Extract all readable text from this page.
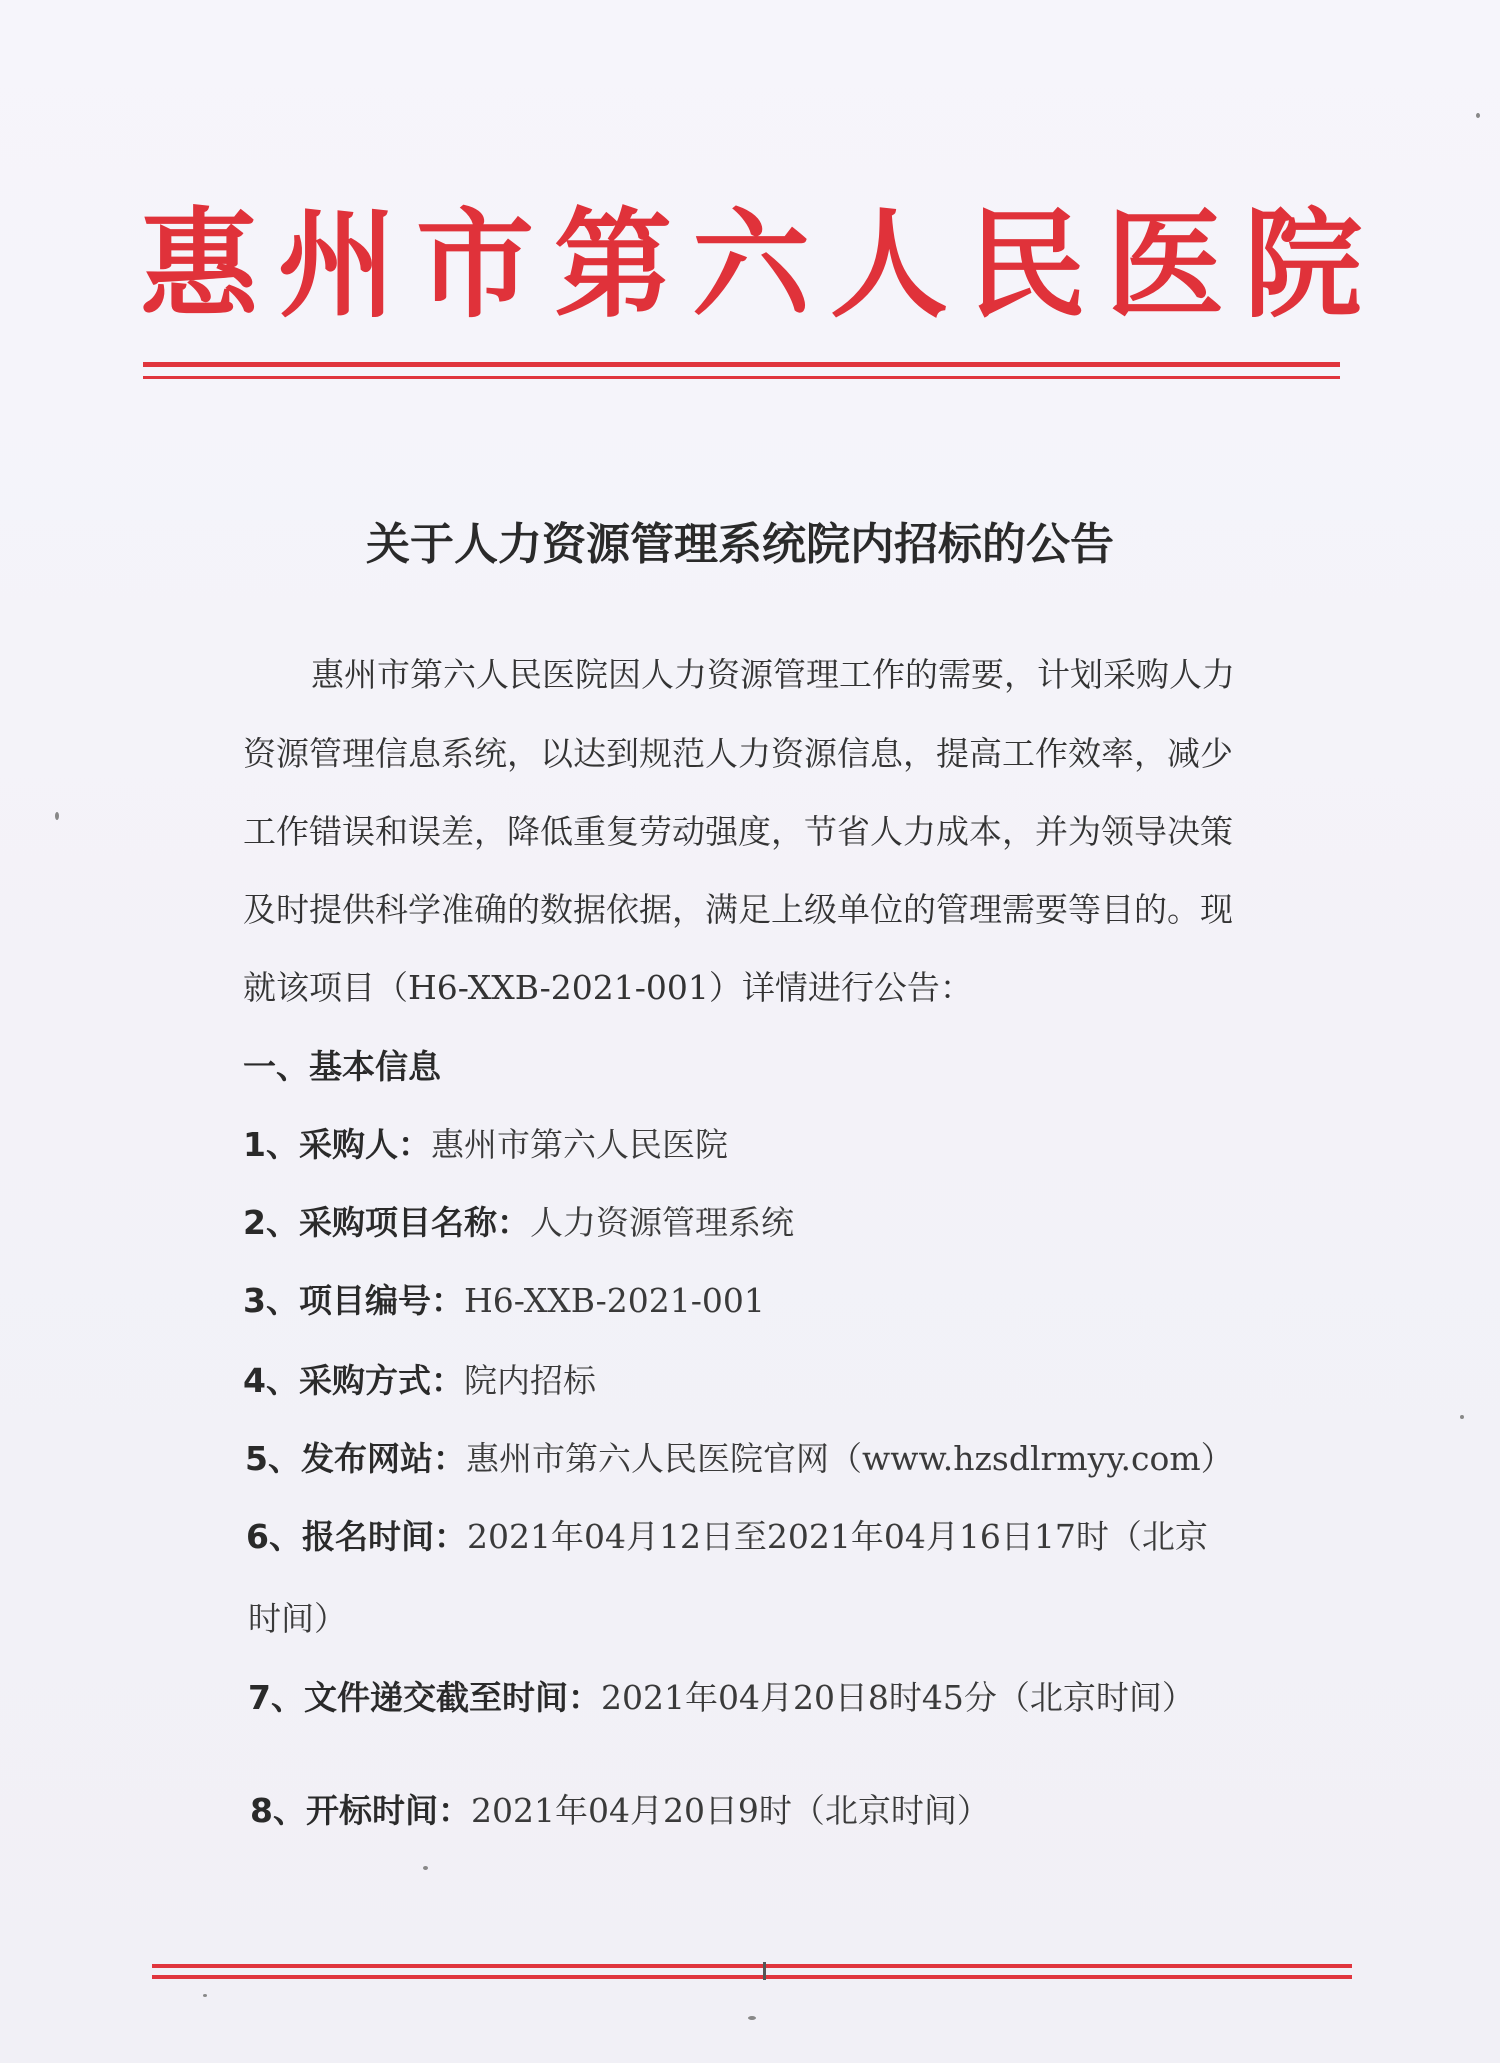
惠州市第六人民医院
关于人力资源管理系统院内招标的公告
惠州市第六人民医院因人力资源管理工作的需要，计划采购人力
资源管理信息系统，以达到规范人力资源信息，提高工作效率，减少
工作错误和误差，降低重复劳动强度，节省人力成本，并为领导决策
及时提供科学准确的数据依据，满足上级单位的管理需要等目的。现
就该项目（H6-XXB-2021-001）详情进行公告：
一、基本信息
1、采购人：惠州市第六人民医院
2、采购项目名称：人力资源管理系统
3、项目编号：H6-XXB-2021-001
4、采购方式：院内招标
5、发布网站：惠州市第六人民医院官网（www.hzsdlrmyy.com）
6、报名时间：2021年04月12日至2021年04月16日17时（北京
时间）
7、文件递交截至时间：2021年04月20日8时45分（北京时间）
8、开标时间：2021年04月20日9时（北京时间）
